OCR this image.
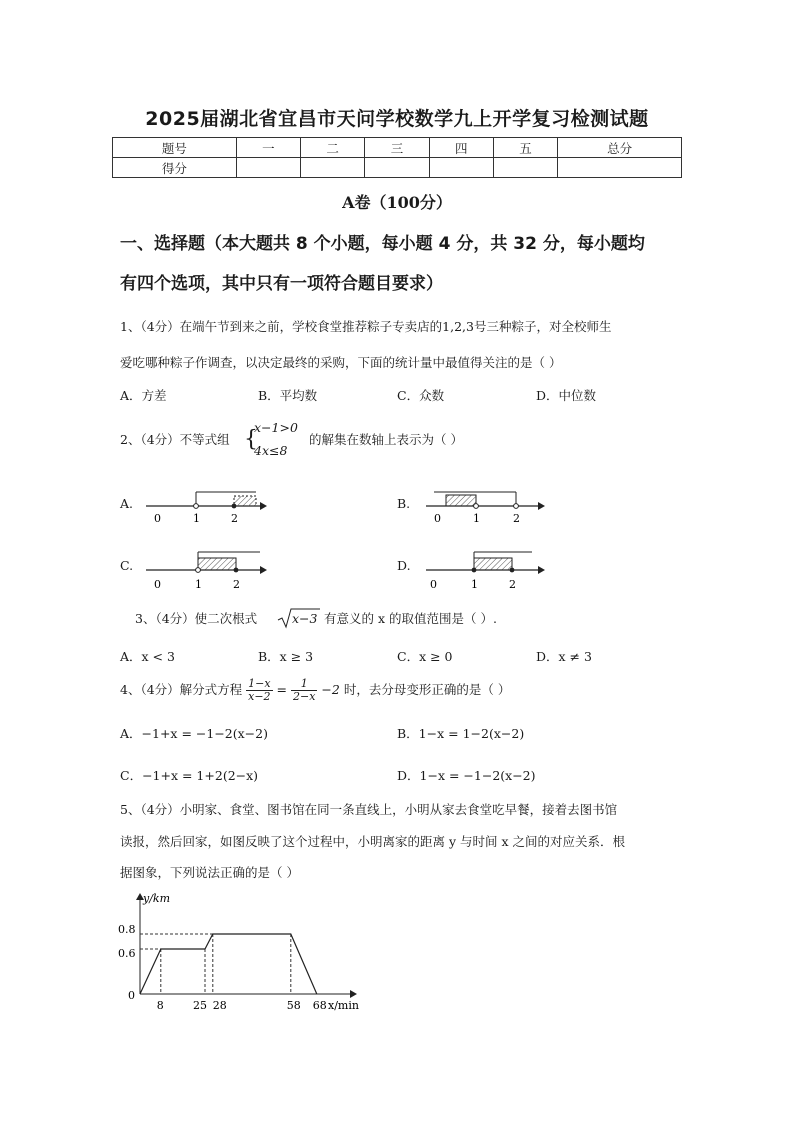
2025届湖北省宜昌市天问学校数学九上开学复习检测试题
题号	一	二	三	四	五	总分
得分						
A卷（100分）
一、选择题（本大题共 8 个小题，每小题 4 分，共 32 分，每小题均
有四个选项，其中只有一项符合题目要求）
1、（4分）在端午节到来之前，学校食堂推荐粽子专卖店的1,2,3号三种粽子，对全校师生
爱吃哪种粽子作调查，以决定最终的采购，下面的统计量中最值得关注的是（ ）
A．方差	B．平均数	C．众数	D．中位数
2、（4分）不等式组 {
x−1>0
4x≤8
的解集在数轴上表示为（ ）
A.	B.
C.	D.
0	1	2	0	1	2
0	1	2	0	1	2
3、（4分）使二次根式	x−3 有意义的 x 的取值范围是（ ）.
A．x < 3	B．x ≥ 3	C．x ≥ 0	D．x ≠ 3
4、（4分）解分式方程 $\frac{1-x}{x-2} = \frac{1}{2-x} -2$ 时，去分母变形正确的是（ ）
A．−1+x = −1−2(x−2)	B．1−x = 1−2(x−2)
C．−1+x = 1+2(2−x)	D．1−x = −1−2(x−2)
5、（4分）小明家、食堂、图书馆在同一条直线上，小明从家去食堂吃早餐，接着去图书馆
读报，然后回家，如图反映了这个过程中，小明离家的距离 y 与时间 x 之间的对应关系．根
据图象，下列说法正确的是（ ）
y/km
x/min
0
8	25 28	58 68
0.8
0.6
